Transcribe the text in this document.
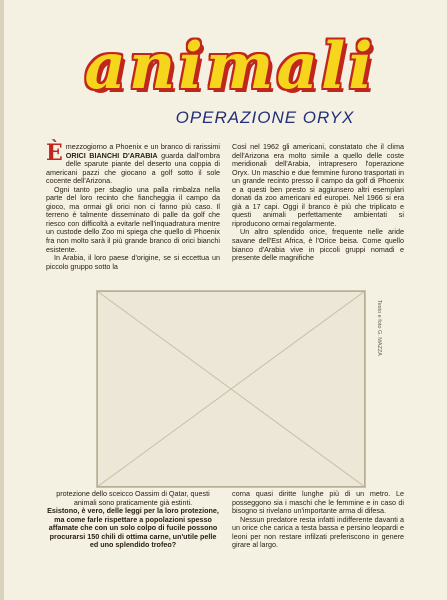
animali
OPERAZIONE ORYX

Èmezzogiorno a Phoenix e un branco di rarissimi ORICI BIANCHI D'ARABIA guarda dall'ombra delle sparute piante del deserto una coppia di americani pazzi che giocano a golf sotto il sole cocente dell'Arizona.

Ogni tanto per sbaglio una palla rimbalza nella parte del loro recinto che fiancheggia il campo da gioco, ma ormai gli orici non ci fanno più caso. Il terreno è talmente disseminato di palle da golf che riesco con difficoltà a evitarle nell'inquadratura mentre un custode dello Zoo mi spiega che quello di Phoenix fra non molto sarà il più grande branco di orici bianchi esistente.

In Arabia, il loro paese d'origine, se si eccettua un piccolo gruppo sotto la

Così nel 1962 gli americani, constatato che il clima dell'Arizona era molto simile a quello delle coste meridionali dell'Arabia, intrapresero l'operazione Oryx. Un maschio e due femmine furono trasportati in un grande recinto presso il campo da golf di Phoenix e a questi ben presto si aggiunsero altri esemplari donati da zoo americani ed europei. Nel 1966 si era già a 17 capi. Oggi il branco è più che triplicato e questi animali perfettamente ambientati si riproducono ormai regolarmente.

Un altro splendido orice, frequente nelle aride savane dell'Est Africa, è l'Orice beisa. Come quello bianco d'Arabia vive in piccoli gruppi nomadi e presente delle magnifiche

Testo e foto G. MAZZA

protezione dello sceicco Oassim di Qatar, questi animali sono praticamente già estinti.

Esistono, è vero, delle leggi per la loro protezione, ma come farle rispettare a popolazioni spesso affamate che con un solo colpo di fucile possono procurarsi 150 chili di ottima carne, un'utile pelle ed uno splendido trofeo?

corna quasi diritte lunghe più di un metro. Le posseggono sia i maschi che le femmine e in caso di bisogno si rivelano un'importante arma di difesa.

Nessun predatore resta infatti indifferente davanti a un orice che carica a testa bassa e persino leopardi e leoni per non restare infilzati preferiscono in genere girare al largo.
